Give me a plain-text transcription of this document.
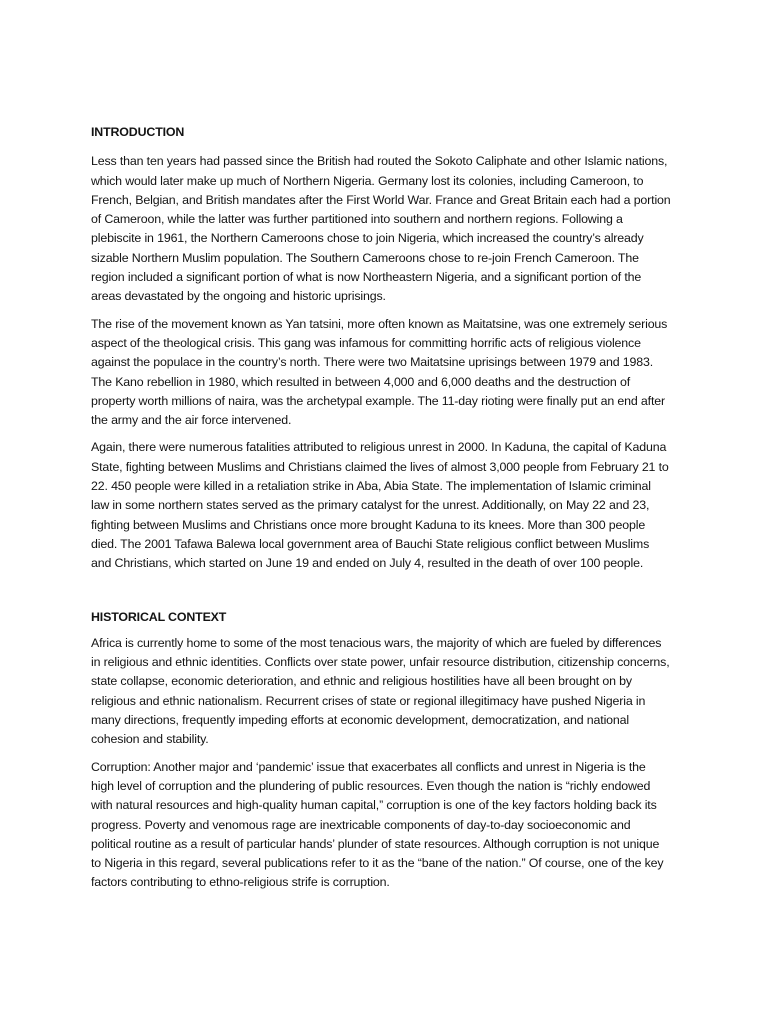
INTRODUCTION

Less than ten years had passed since the British had routed the Sokoto Caliphate and other Islamic nations, which would later make up much of Northern Nigeria. Germany lost its colonies, including Cameroon, to French, Belgian, and British mandates after the First World War. France and Great Britain each had a portion of Cameroon, while the latter was further partitioned into southern and northern regions. Following a plebiscite in 1961, the Northern Cameroons chose to join Nigeria, which increased the country’s already sizable Northern Muslim population. The Southern Cameroons chose to re-join French Cameroon. The region included a significant portion of what is now Northeastern Nigeria, and a significant portion of the areas devastated by the ongoing and historic uprisings.

The rise of the movement known as Yan tatsini, more often known as Maitatsine, was one extremely serious aspect of the theological crisis. This gang was infamous for committing horrific acts of religious violence against the populace in the country’s north. There were two Maitatsine uprisings between 1979 and 1983. The Kano rebellion in 1980, which resulted in between 4,000 and 6,000 deaths and the destruction of property worth millions of naira, was the archetypal example. The 11-day rioting were finally put an end after the army and the air force intervened.

Again, there were numerous fatalities attributed to religious unrest in 2000. In Kaduna, the capital of Kaduna State, fighting between Muslims and Christians claimed the lives of almost 3,000 people from February 21 to 22. 450 people were killed in a retaliation strike in Aba, Abia State. The implementation of Islamic criminal law in some northern states served as the primary catalyst for the unrest. Additionally, on May 22 and 23, fighting between Muslims and Christians once more brought Kaduna to its knees. More than 300 people died. The 2001 Tafawa Balewa local government area of Bauchi State religious conflict between Muslims and Christians, which started on June 19 and ended on July 4, resulted in the death of over 100 people.

HISTORICAL CONTEXT

Africa is currently home to some of the most tenacious wars, the majority of which are fueled by differences in religious and ethnic identities. Conflicts over state power, unfair resource distribution, citizenship concerns, state collapse, economic deterioration, and ethnic and religious hostilities have all been brought on by religious and ethnic nationalism. Recurrent crises of state or regional illegitimacy have pushed Nigeria in many directions, frequently impeding efforts at economic development, democratization, and national cohesion and stability.

Corruption: Another major and ‘pandemic’ issue that exacerbates all conflicts and unrest in Nigeria is the high level of corruption and the plundering of public resources. Even though the nation is “richly endowed with natural resources and high-quality human capital,” corruption is one of the key factors holding back its progress. Poverty and venomous rage are inextricable components of day-to-day socioeconomic and political routine as a result of particular hands’ plunder of state resources. Although corruption is not unique to Nigeria in this regard, several publications refer to it as the “bane of the nation.” Of course, one of the key factors contributing to ethno-religious strife is corruption.
